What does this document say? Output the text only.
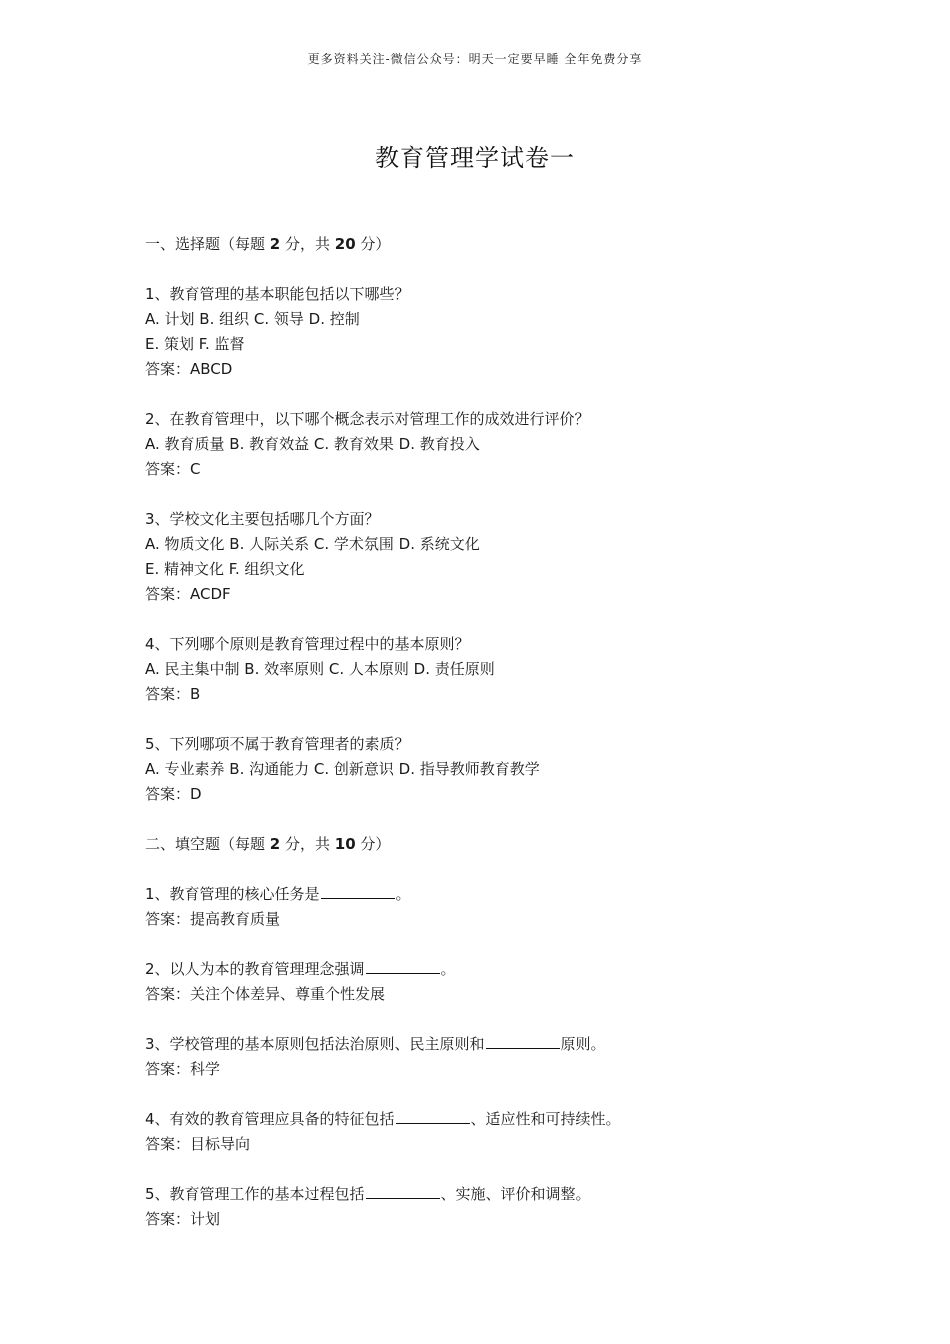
更多资料关注-微信公众号：明天一定要早睡 全年免费分享
教育管理学试卷一
一、选择题（每题 2 分，共 20 分）
1、教育管理的基本职能包括以下哪些？
A. 计划 B. 组织 C. 领导 D. 控制
E. 策划 F. 监督
答案：ABCD
2、在教育管理中，以下哪个概念表示对管理工作的成效进行评价？
A. 教育质量 B. 教育效益 C. 教育效果 D. 教育投入
答案：C
3、学校文化主要包括哪几个方面？
A. 物质文化 B. 人际关系 C. 学术氛围 D. 系统文化
E. 精神文化 F. 组织文化
答案：ACDF
4、下列哪个原则是教育管理过程中的基本原则？
A. 民主集中制 B. 效率原则 C. 人本原则 D. 责任原则
答案：B
5、下列哪项不属于教育管理者的素质？
A. 专业素养 B. 沟通能力 C. 创新意识 D. 指导教师教育教学
答案：D
二、填空题（每题 2 分，共 10 分）
1、教育管理的核心任务是	。
答案：提高教育质量
2、以人为本的教育管理理念强调	。
答案：关注个体差异、尊重个性发展
3、学校管理的基本原则包括法治原则、民主原则和	原则。
答案：科学
4、有效的教育管理应具备的特征包括	、适应性和可持续性。
答案：目标导向
5、教育管理工作的基本过程包括	、实施、评价和调整。
答案：计划
